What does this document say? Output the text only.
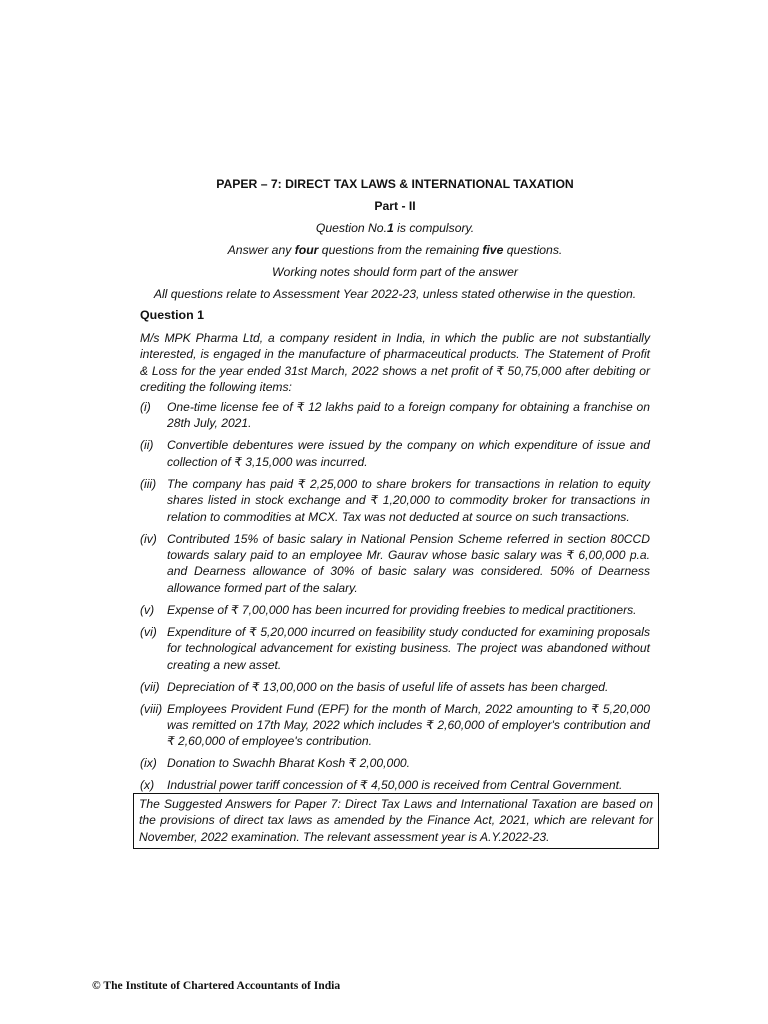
PAPER – 7: DIRECT TAX LAWS & INTERNATIONAL TAXATION
Part - II
Question No.1 is compulsory.
Answer any four questions from the remaining five questions.
Working notes should form part of the answer
All questions relate to Assessment Year 2022-23, unless stated otherwise in the question.
Question 1
M/s MPK Pharma Ltd, a company resident in India, in which the public are not substantially interested, is engaged in the manufacture of pharmaceutical products. The Statement of Profit & Loss for the year ended 31st March, 2022 shows a net profit of ₹ 50,75,000 after debiting or crediting the following items:
(i) One-time license fee of ₹ 12 lakhs paid to a foreign company for obtaining a franchise on 28th July, 2021.
(ii) Convertible debentures were issued by the company on which expenditure of issue and collection of ₹ 3,15,000 was incurred.
(iii) The company has paid ₹ 2,25,000 to share brokers for transactions in relation to equity shares listed in stock exchange and ₹ 1,20,000 to commodity broker for transactions in relation to commodities at MCX. Tax was not deducted at source on such transactions.
(iv) Contributed 15% of basic salary in National Pension Scheme referred in section 80CCD towards salary paid to an employee Mr. Gaurav whose basic salary was ₹ 6,00,000 p.a. and Dearness allowance of 30% of basic salary was considered. 50% of Dearness allowance formed part of the salary.
(v) Expense of ₹ 7,00,000 has been incurred for providing freebies to medical practitioners.
(vi) Expenditure of ₹ 5,20,000 incurred on feasibility study conducted for examining proposals for technological advancement for existing business. The project was abandoned without creating a new asset.
(vii) Depreciation of ₹ 13,00,000 on the basis of useful life of assets has been charged.
(viii) Employees Provident Fund (EPF) for the month of March, 2022 amounting to ₹ 5,20,000 was remitted on 17th May, 2022 which includes ₹ 2,60,000 of employer's contribution and ₹ 2,60,000 of employee's contribution.
(ix) Donation to Swachh Bharat Kosh ₹ 2,00,000.
(x) Industrial power tariff concession of ₹ 4,50,000 is received from Central Government.
The Suggested Answers for Paper 7: Direct Tax Laws and International Taxation are based on the provisions of direct tax laws as amended by the Finance Act, 2021, which are relevant for November, 2022 examination. The relevant assessment year is A.Y.2022-23.
© The Institute of Chartered Accountants of India
